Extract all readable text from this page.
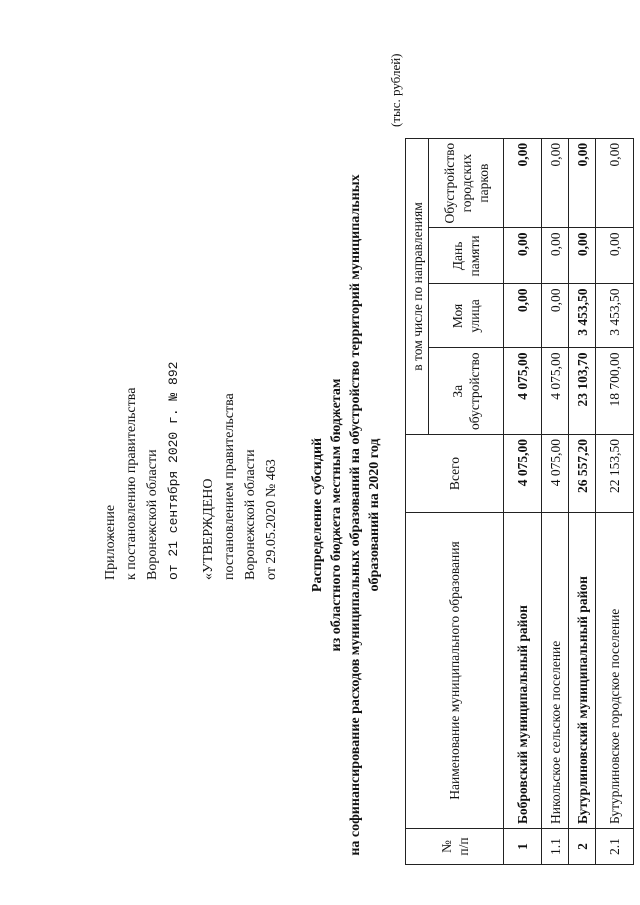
Приложение к постановлению правительства Воронежской области от 21 сентября 2020 г. № 892 «УТВЕРЖДЕНО постановлением правительства Воронежской области от 29.05.2020 № 463 Распределение субсидий из областного бюджета местным бюджетам на софинансирование расходов муниципальных образований на обустройство территорий муниципальных образований на 2020 год
(тыс. рублей)
№ п/п	Наименование муниципального образования	Всего	в том числе по направлениям			
			За обустройство	Моя улица	Дань памяти	Обустройство городских парков
1	Бобровский муниципальный район	4 075,00	4 075,00	0,00	0,00	0,00
1.1	Никольское сельское поселение	4 075,00	4 075,00	0,00	0,00	0,00
2	Бутурлиновский муниципальный район	26 557,20	23 103,70	3 453,50	0,00	0,00
2.1	Бутурлиновское городское поселение	22 153,50	18 700,00	3 453,50	0,00	0,00
